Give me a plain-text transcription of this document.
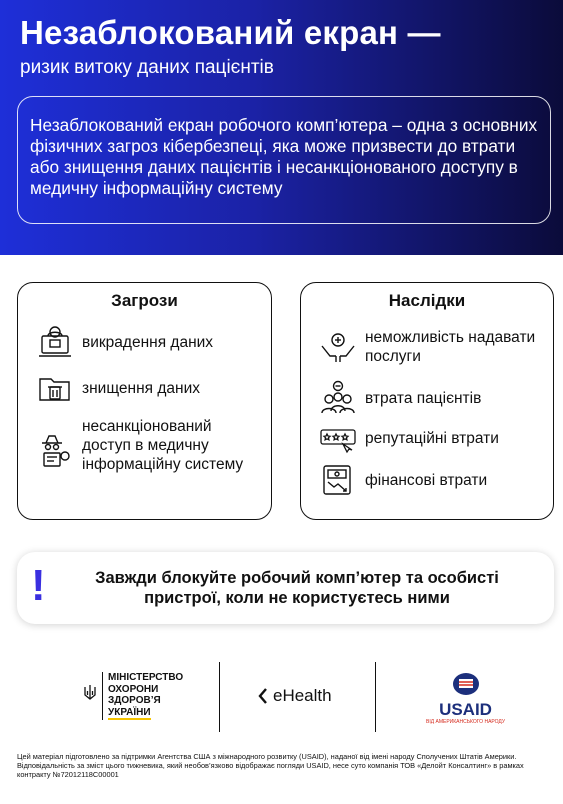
Незаблокований екран —
ризик витоку даних пацієнтів
Незаблокований екран робочого комп’ютера – одна з основних фізичних загроз кібербезпеці, яка може призвести до втрати або знищення даних пацієнтів і несанкціонованого доступу в медичну інформаційну систему
Загрози
викрадення даних
знищення даних
несанкціонований доступ в медичну інформаційну систему
Наслідки
неможливість надавати послуги
втрата пацієнтів
репутаційні втрати
фінансові втрати
!	Завжди блокуйте робочий комп’ютер та особисті пристрої, коли не користуєтесь ними
МІНІСТЕРСТВО
ОХОРОНИ
ЗДОРОВ’Я
УКРАЇНИ
eHealth
USAID
ВІД АМЕРИКАНСЬКОГО НАРОДУ
Цей матеріал підготовлено за підтримки Агентства США з міжнародного розвитку (USAID), наданої від імені народу Сполучених Штатів Америки. Відповідальність за зміст цього тижневика, який необов’язково відображає погляди USAID, несе суто компанія ТОВ «Делойт Консалтинг» в рамках контракту №72012118C00001
